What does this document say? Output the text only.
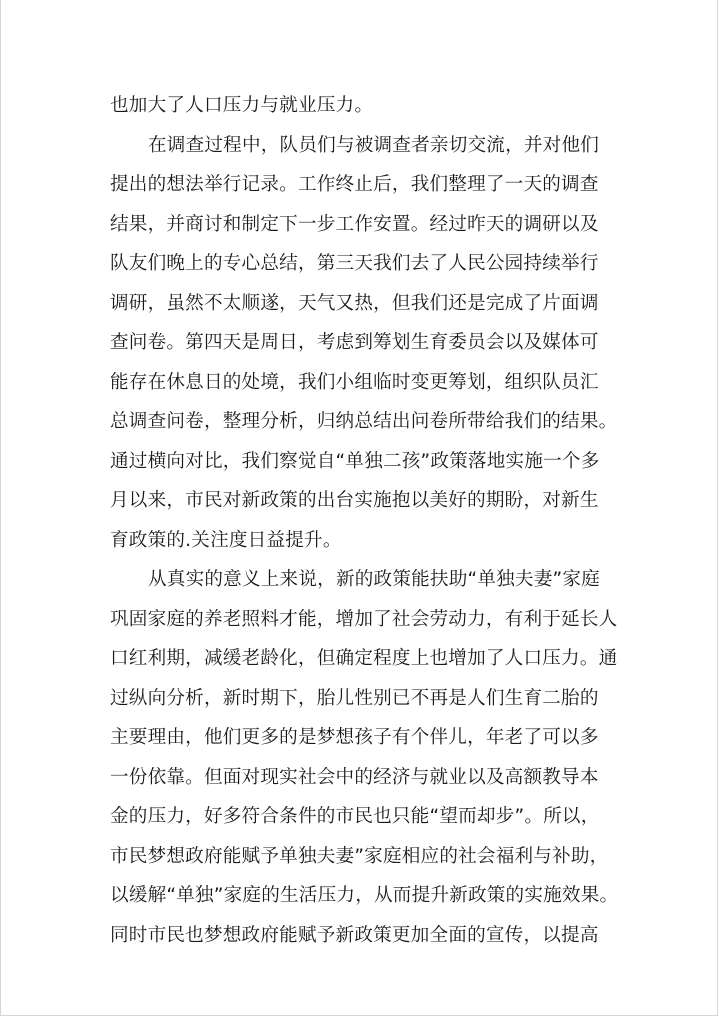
也加大了人口压力与就业压力。
在调查过程中，队员们与被调查者亲切交流，并对他们
提出的想法举行记录。工作终止后，我们整理了一天的调查
结果，并商讨和制定下一步工作安置。经过昨天的调研以及
队友们晚上的专心总结，第三天我们去了人民公园持续举行
调研，虽然不太顺遂，天气又热，但我们还是完成了片面调
查问卷。第四天是周日，考虑到筹划生育委员会以及媒体可
能存在休息日的处境，我们小组临时变更筹划，组织队员汇
总调查问卷，整理分析，归纳总结出问卷所带给我们的结果。
通过横向对比，我们察觉自“单独二孩”政策落地实施一个多
月以来，市民对新政策的出台实施抱以美好的期盼，对新生
育政策的.关注度日益提升。
从真实的意义上来说，新的政策能扶助“单独夫妻”家庭
巩固家庭的养老照料才能，增加了社会劳动力，有利于延长人
口红利期，减缓老龄化，但确定程度上也增加了人口压力。通
过纵向分析，新时期下，胎儿性别已不再是人们生育二胎的
主要理由，他们更多的是梦想孩子有个伴儿，年老了可以多
一份依靠。但面对现实社会中的经济与就业以及高额教导本
金的压力，好多符合条件的市民也只能“望而却步”。所以，
市民梦想政府能赋予单独夫妻”家庭相应的社会福利与补助，
以缓解“单独”家庭的生活压力，从而提升新政策的实施效果。
同时市民也梦想政府能赋予新政策更加全面的宣传，以提高
